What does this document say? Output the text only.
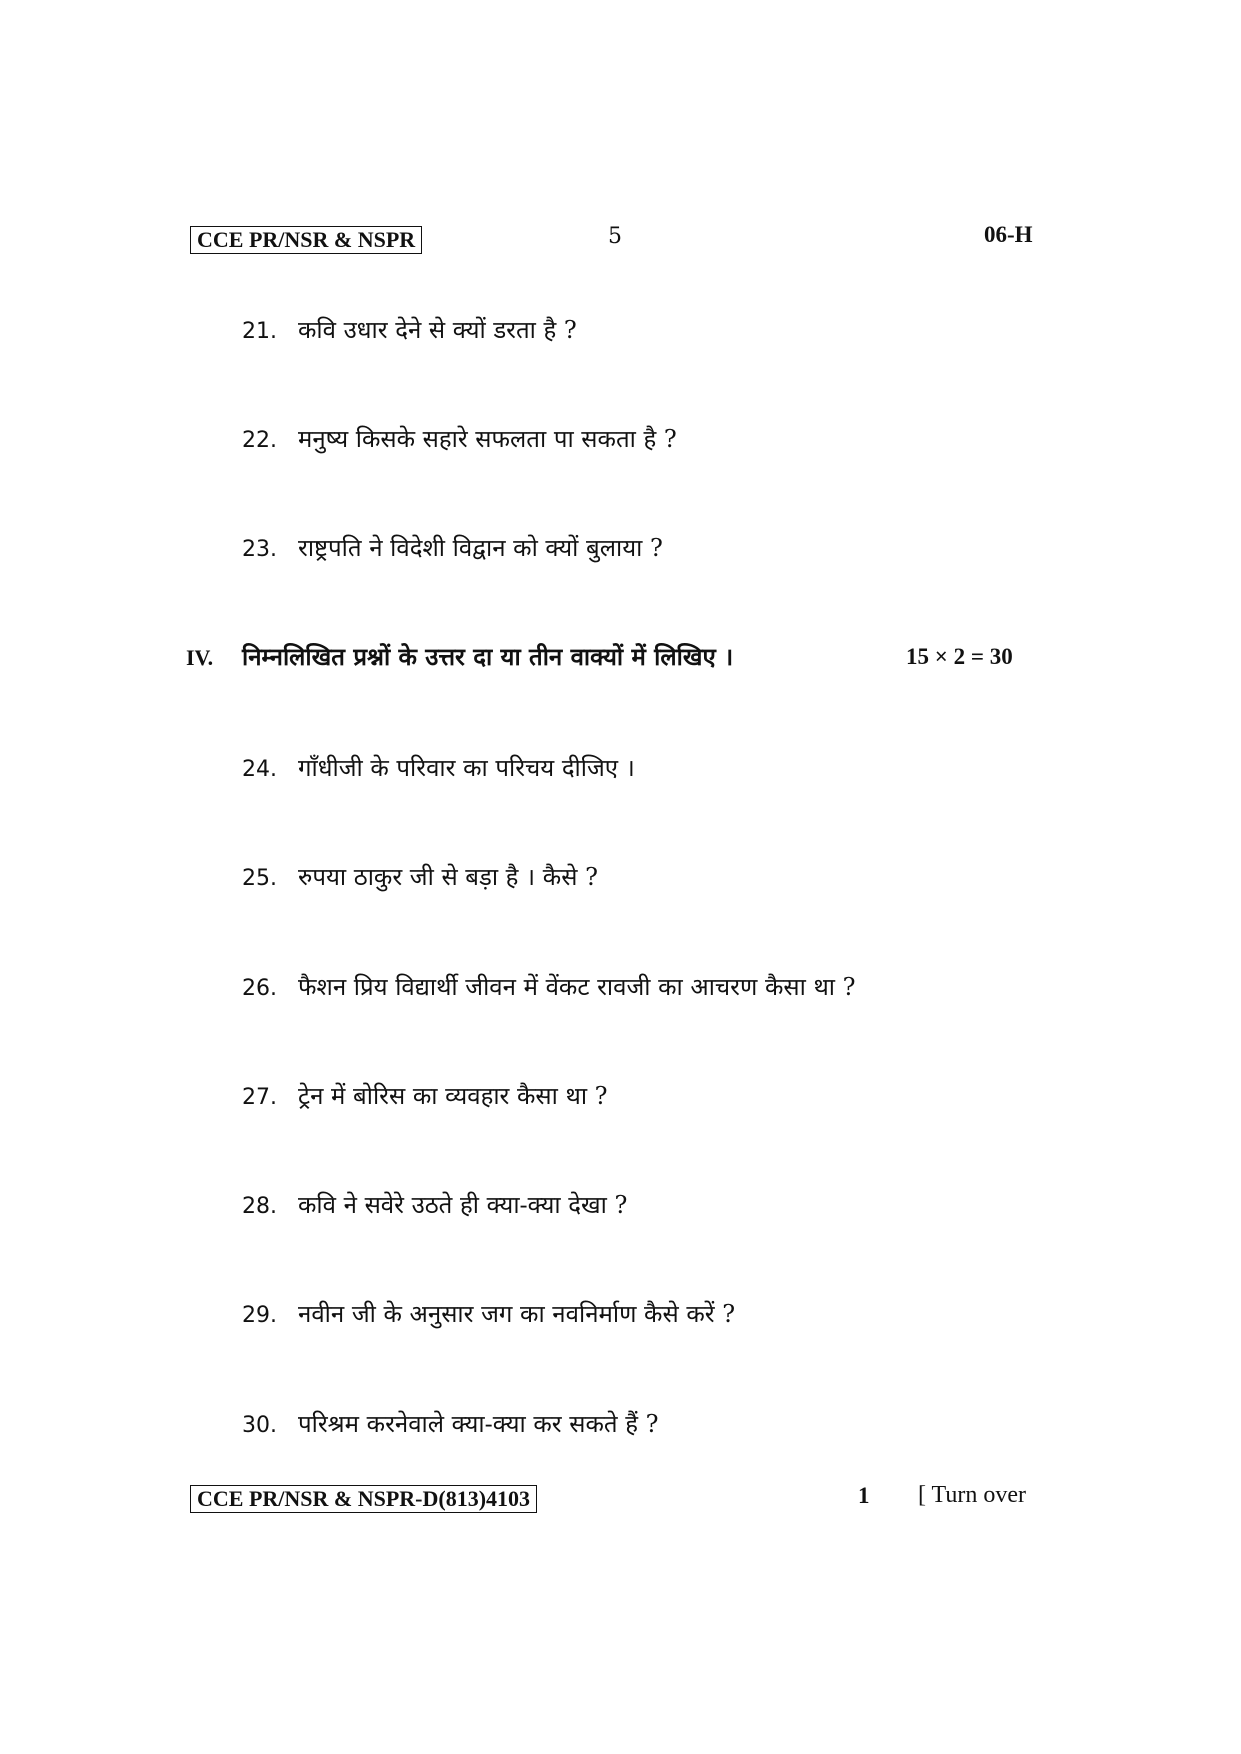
CCE PR/NSR & NSPR	5	06-H
21. कवि उधार देने से क्यों डरता है ?
22. मनुष्य किसके सहारे सफलता पा सकता है ?
23. राष्ट्रपति ने विदेशी विद्वान को क्यों बुलाया ?
IV. निम्नलिखित प्रश्नों के उत्तर दा या तीन वाक्यों में लिखिए ।	15 × 2 = 30
24. गाँधीजी के परिवार का परिचय दीजिए ।
25. रुपया ठाकुर जी से बड़ा है । कैसे ?
26. फैशन प्रिय विद्यार्थी जीवन में वेंकट रावजी का आचरण कैसा था ?
27. ट्रेन में बोरिस का व्यवहार कैसा था ?
28. कवि ने सवेरे उठते ही क्या-क्या देखा ?
29. नवीन जी के अनुसार जग का नवनिर्माण कैसे करें ?
30. परिश्रम करनेवाले क्या-क्या कर सकते हैं ?
CCE PR/NSR & NSPR-D(813)4103	1 [ Turn over
